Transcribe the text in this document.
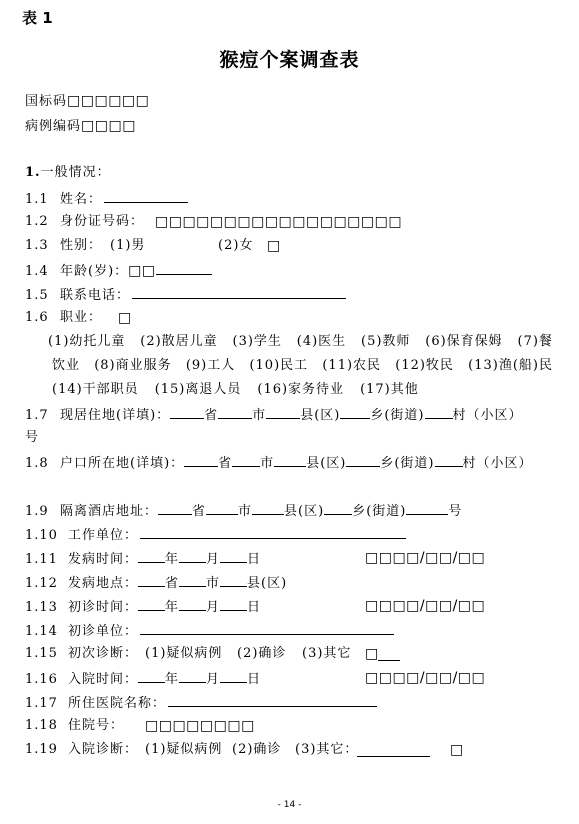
表 1
猴痘个案调查表
国标码 □□□□□□
病例编码 □□□□
1. 一般情况：
1.1 姓名：
1.2 身份证号码： □□□□□□□□□□□□□□□□□□
1.3 性别： (1)男	(2)女 □
1.4 年龄(岁)： □□
1.5 联系电话：
1.6 职业： □
(1)幼托儿童 (2)散居儿童 (3)学生 (4)医生 (5)教师 (6)保育保姆 (7)餐
饮业 (8)商业服务 (9)工人 (10)民工 (11)农民 (12)牧民 (13)渔(船)民
(14)干部职员 (15)离退人员 (16)家务待业 (17)其他
1.7 现居住地(详填)：	省	市	县(区) 乡(街道) 村（小区）
号
1.8 户口所在地(详填)：	省 市 县(区)	乡(街道) 村（小区）
1.9 隔离酒店地址：	省 市 县(区) 乡(街道)	号
1.10 工作单位：
1.11 发病时间： 年 月 日	□□□□/□□/□□
1.12 发病地点： 省 市 县(区)
1.13 初诊时间： 年 月 日	□□□□/□□/□□
1.14 初诊单位：
1.15 初次诊断： (1)疑似病例 (2)确诊 (3)其它 □
1.16 入院时间： 年 月 日	□□□□/□□/□□
1.17 所住医院名称：
1.18 住院号： □□□□□□□□
1.19 入院诊断： (1)疑似病例 (2)确诊 (3)其它：	□
- 14 -
